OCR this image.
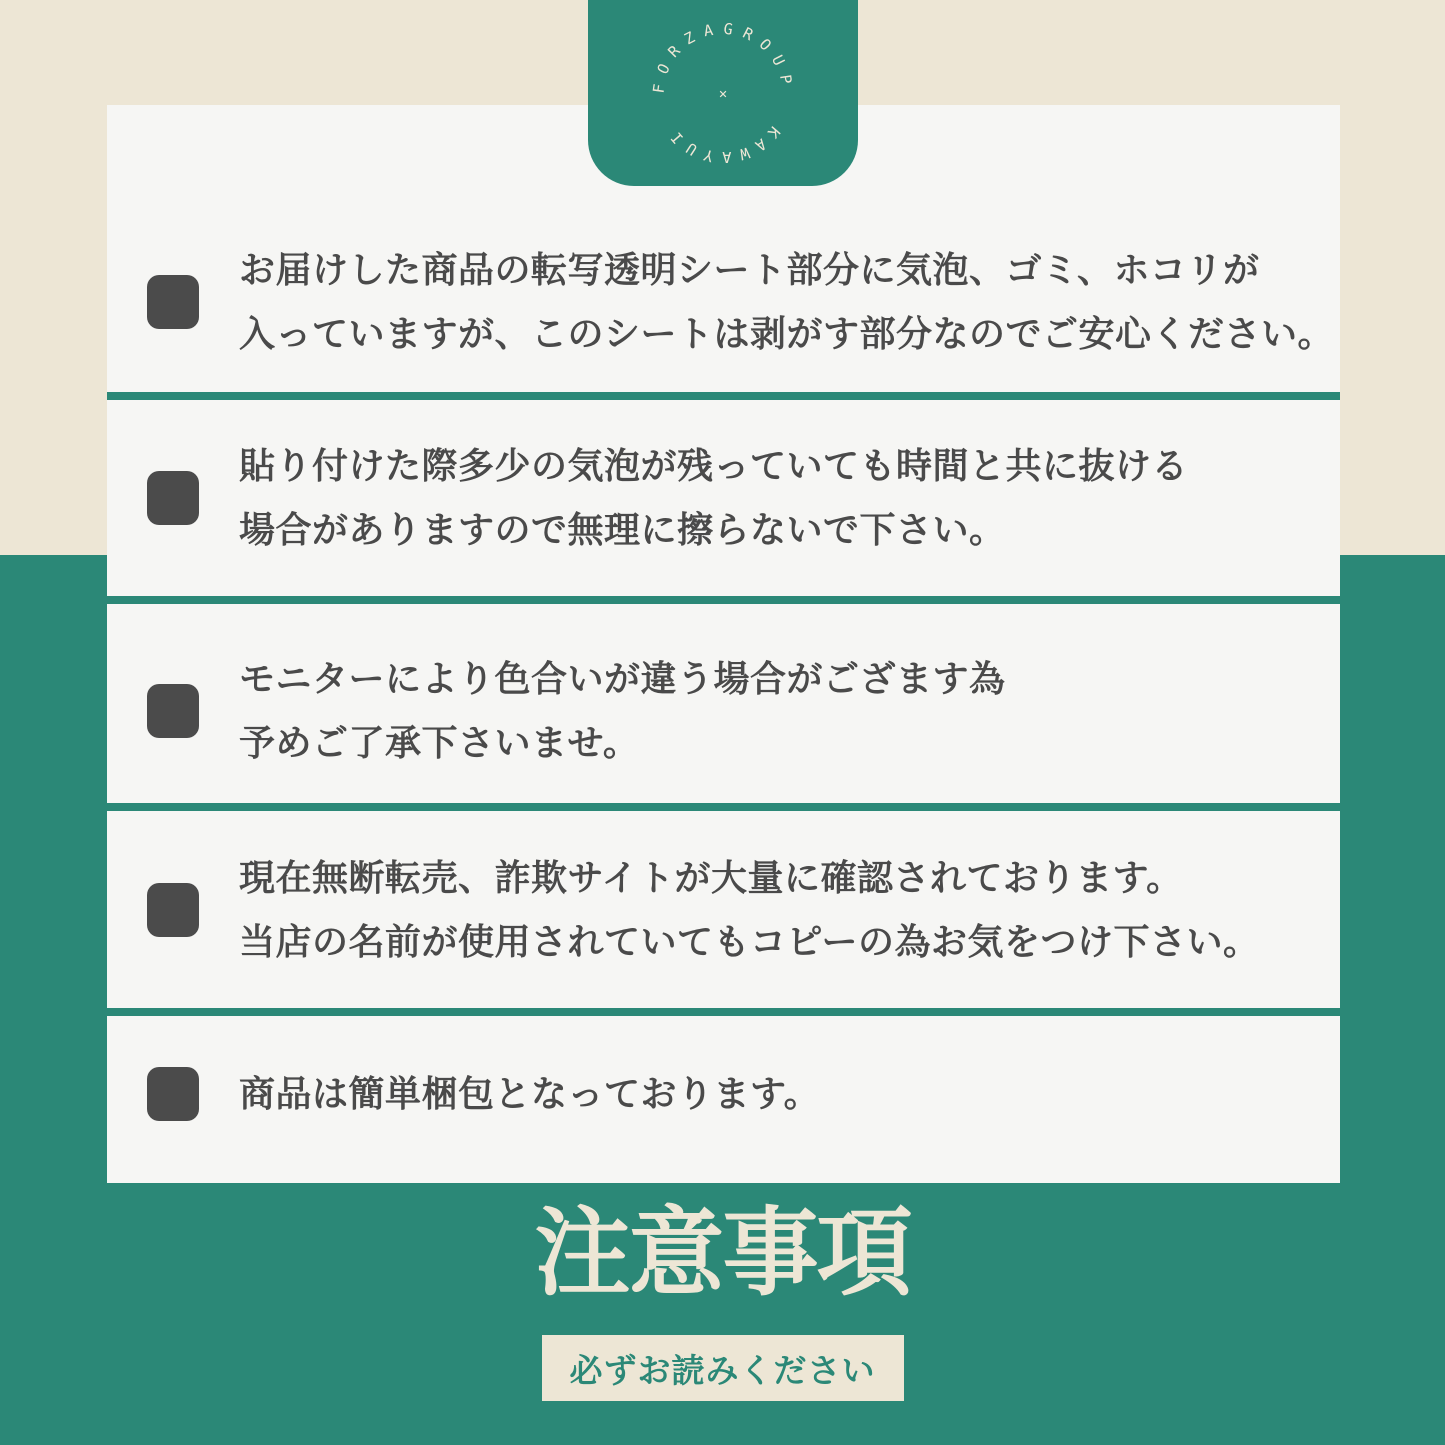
FORZAGROUP
KAWAYUI
×
お届けした商品の転写透明シート部分に気泡、ゴミ、ホコリが
入っていますが、このシートは剥がす部分なのでご安心ください。
貼り付けた際多少の気泡が残っていても時間と共に抜ける
場合がありますので無理に擦らないで下さい。
モニターにより色合いが違う場合がござます為
予めご了承下さいませ。
現在無断転売、詐欺サイトが大量に確認されております。
当店の名前が使用されていてもコピーの為お気をつけ下さい。
商品は簡単梱包となっております。
注意事項
必ずお読みください
